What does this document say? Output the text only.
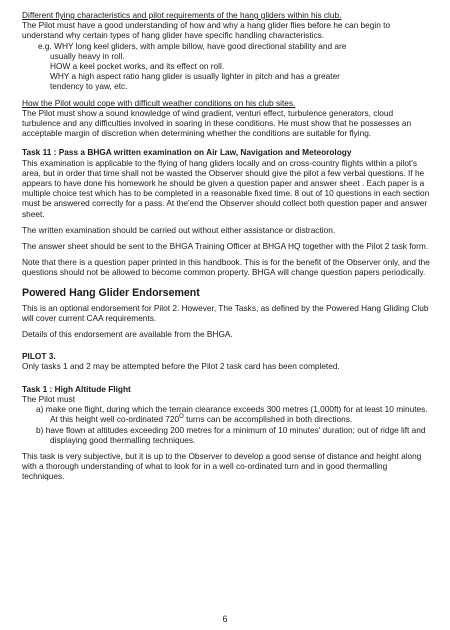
Different flying characteristics and pilot requirements of the hang gliders within his club.

The Pilot must have a good understanding of how and why a hang glider flies before he can begin to understand why certain types of hang glider have specific handling characteristics.

e.g. WHY long keel gliders, with ample billow, have good directional stability and are

usually heavy in roll.

HOW a keel pocket works, and its effect on roll.

WHY a high aspect ratio hang glider is usually lighter in pitch and has a greater

tendency to yaw, etc.

How the Pilot would cope with difficult weather conditions on his club sites.

The Pilot must show a sound knowledge of wind gradient, venturi effect, turbulence generators, cloud turbulence and any difficulties involved in soaring in these conditions. He must show that he possesses an acceptable margin of discretion when determining whether the conditions are suitable for flying.

Task 11 : Pass a BHGA written examination on Air Law, Navigation and Meteorology

This examination is applicable to the flying of hang gliders locally and on cross-country flights within a pilot's area, but in order that time shall not be wasted the Observer should give the pilot a few verbal questions. If he appears to have done his homework he should be given a question paper and answer sheet . Each paper is a multiple choice test which has to be completed in a reasonable fixed time. 8 out of 10 questions in each section must be answered correctly for a pass. At the'end the Observer should collect both question paper and answer sheet.

The written examination should be carried out without either assistance or distraction.

The answer sheet should be sent to the BHGA Training Officer at BHGA HQ together with the Pilot 2 task form.

Note that there is a question paper printed in this handbook. This is for the benefit of the Observer only, and the questions should not be allowed to become common property. BHGA will change question papers periodically.

Powered Hang Glider Endorsement

This is an optional endorsement for Pilot 2. However, The Tasks, as defined by the Powered Hang Gliding Club will cover current CAA requirements.

Details of this endorsement are available from the BHGA.

PILOT 3.

Only tasks 1 and 2 may be attempted before the Pilot 2 task card has been completed.

Task 1 : High Altitude Flight

The Pilot must

a) make one flight, during which the terrain clearance exceeds 300 metres (1,000ft) for at least 10 minutes. At this height well co-ordinated $720^O$ turns can be accomplished in both directions.

b) have flown at altitudes exceeding 200 metres for a minimum of 10 minutes' duration; out of ridge lift and displaying good thermalling techniques.

This task is very subjective, but it is up to the Observer to develop a good sense of distance and height along with a thorough understanding of what to look for in a well co-ordinated turn and in good thermalling techniques.

6
